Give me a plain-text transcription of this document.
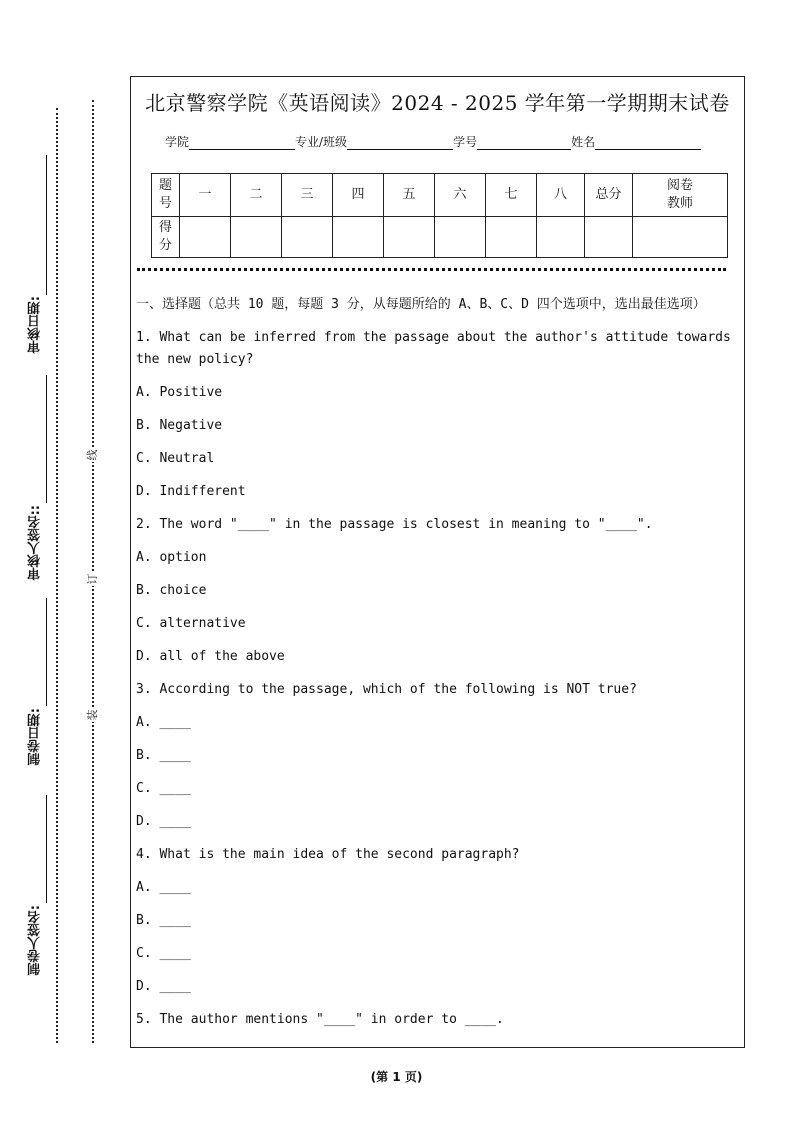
审核日期:
审核人签名::
制卷日期:
制卷人签名:
线
订
装
北京警察学院《英语阅读》2024 - 2025 学年第一学期期末试卷
学院	专业/班级	学号	姓名
题号	一	二	三	四	五	六	七	八	总分	阅卷教师
得分										

一、选择题（总共 10 题，每题 3 分，从每题所给的 A、B、C、D 四个选项中，选出最佳选项）

1. What can be inferred from the passage about the author's attitude towards the new policy?

A. Positive
B. Negative
C. Neutral
D. Indifferent

2. The word "____" in the passage is closest in meaning to "____".

A. option
B. choice
C. alternative
D. all of the above

3. According to the passage, which of the following is NOT true?

A. ____
B. ____
C. ____
D. ____

4. What is the main idea of the second paragraph?

A. ____
B. ____
C. ____
D. ____

5. The author mentions "____" in order to ____.

(第 1 页)
